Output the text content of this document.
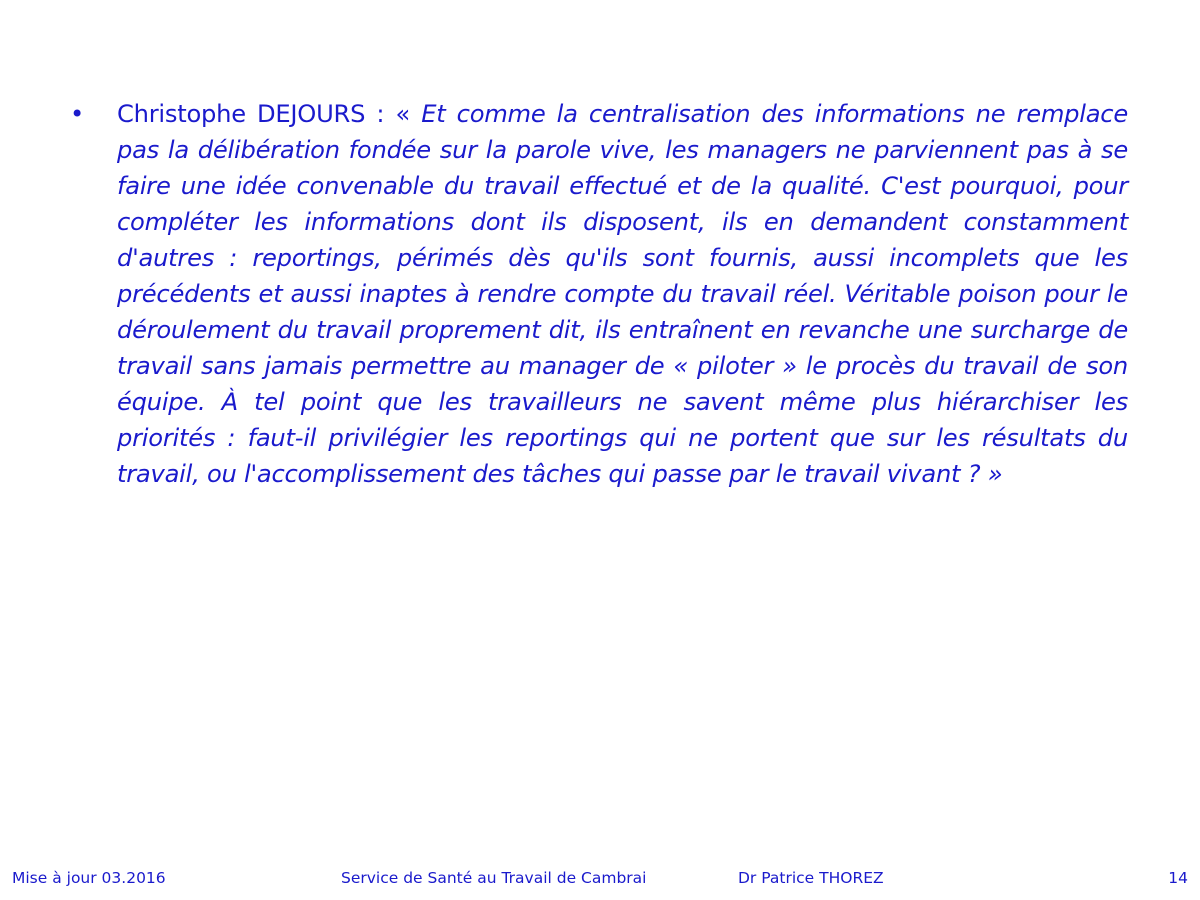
• Christophe DEJOURS : « Et comme la centralisation des informations ne remplace pas la délibération fondée sur la parole vive, les managers ne parviennent pas à se faire une idée convenable du travail effectué et de la qualité. C'est pourquoi, pour compléter les informations dont ils disposent, ils en demandent constamment d'autres : reportings, périmés dès qu'ils sont fournis, aussi incomplets que les précédents et aussi inaptes à rendre compte du travail réel. Véritable poison pour le déroulement du travail proprement dit, ils entraînent en revanche une surcharge de travail sans jamais permettre au manager de « piloter » le procès du travail de son équipe. À tel point que les travailleurs ne savent même plus hiérarchiser les priorités : faut-il privilégier les reportings qui ne portent que sur les résultats du travail, ou l'accomplissement des tâches qui passe par le travail vivant ? »
Mise à jour 03.2016	Service de Santé au Travail de Cambrai	Dr Patrice THOREZ	14
